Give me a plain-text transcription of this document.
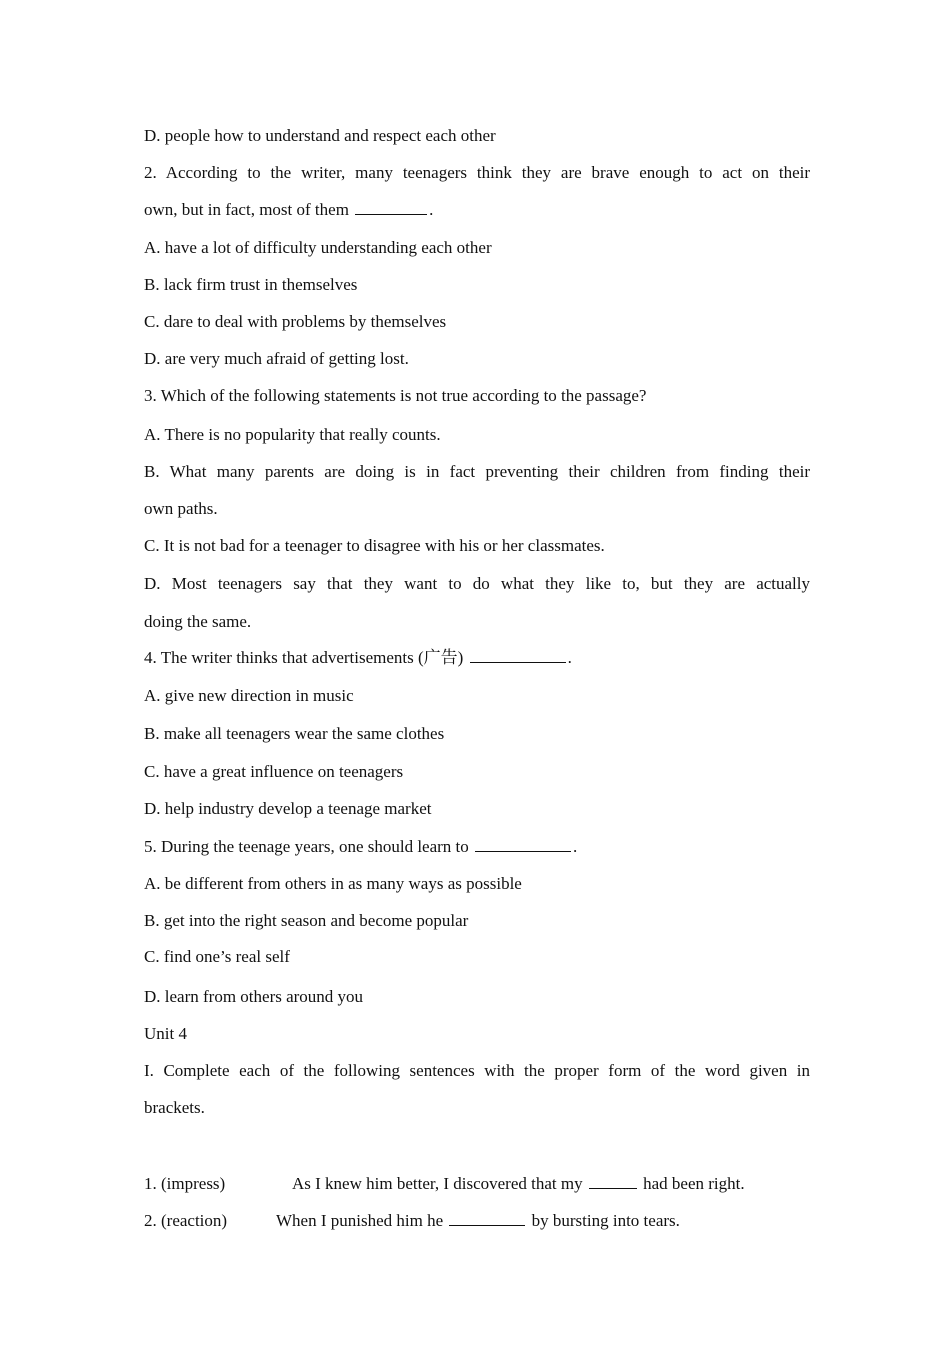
D. people how to understand and respect each other
2. According to the writer, many teenagers think they are brave enough to act on their
own, but in fact, most of them	.
A. have a lot of difficulty understanding each other
B. lack firm trust in themselves
C. dare to deal with problems by themselves
D. are very much afraid of getting lost.
3. Which of the following statements is not true according to the passage?
A. There is no popularity that really counts.
B. What many parents are doing is in fact preventing their children from finding their
own paths.
C. It is not bad for a teenager to disagree with his or her classmates.
D. Most teenagers say that they want to do what they like to, but they are actually
doing the same.
4. The writer thinks that advertisements (广告)	.
A. give new direction in music
B. make all teenagers wear the same clothes
C. have a great influence on teenagers
D. help industry develop a teenage market
5. During the teenage years, one should learn to	.
A. be different from others in as many ways as possible
B. get into the right season and become popular
C. find one’s real self
D. learn from others around you
Unit 4
I. Complete each of the following sentences with the proper form of the word given in
brackets.
1. (impress)	As I knew him better, I discovered that my	had been right.
2. (reaction)	When I punished him he	by bursting into tears.
